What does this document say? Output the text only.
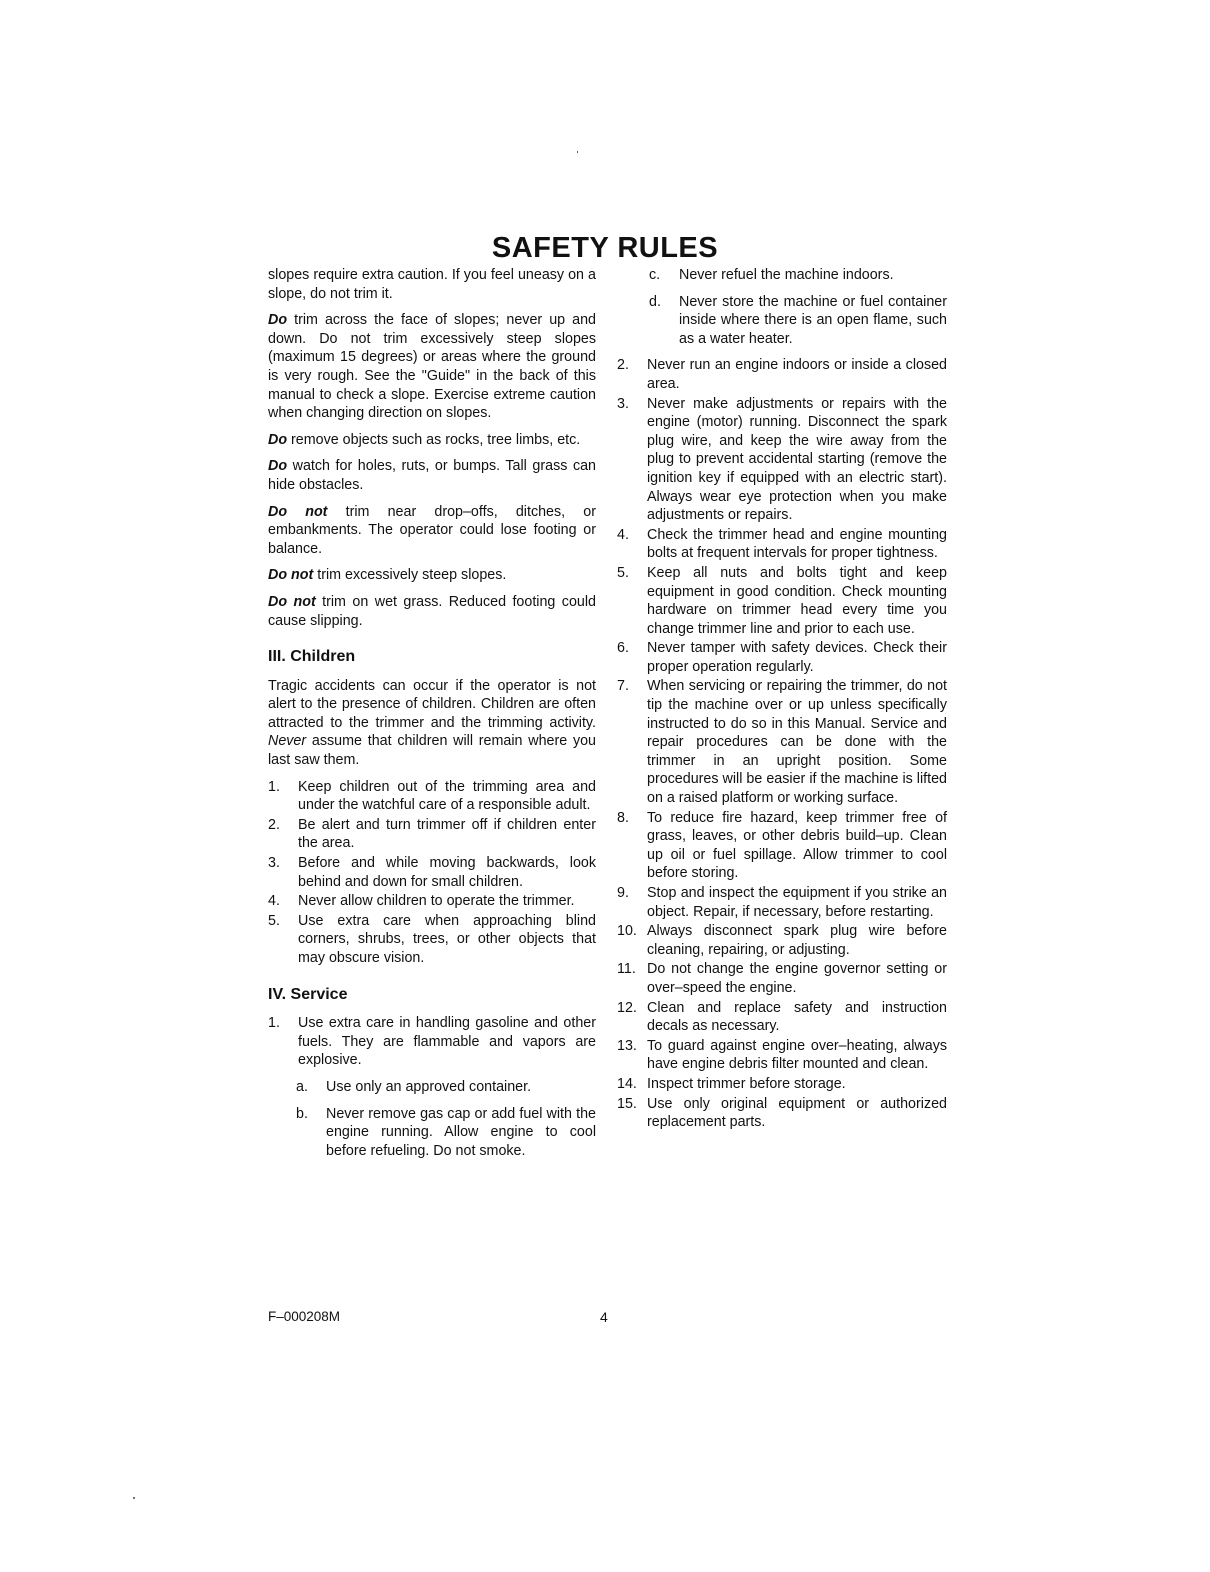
SAFETY RULES

slopes require extra caution. If you feel uneasy on a slope, do not trim it.

Do trim across the face of slopes; never up and down. Do not trim excessively steep slopes (maximum 15 degrees) or areas where the ground is very rough. See the "Guide" in the back of this manual to check a slope. Exercise extreme caution when changing direction on slopes.

Do remove objects such as rocks, tree limbs, etc.

Do watch for holes, ruts, or bumps. Tall grass can hide obstacles.

Do not trim near drop–offs, ditches, or embankments. The operator could lose footing or balance.

Do not trim excessively steep slopes.

Do not trim on wet grass. Reduced footing could cause slipping.

III. Children

Tragic accidents can occur if the operator is not alert to the presence of children. Children are often attracted to the trimmer and the trimming activity. Never assume that children will remain where you last saw them.

1.	Keep children out of the trimming area and under the watchful care of a responsible adult.
2.	Be alert and turn trimmer off if children enter the area.
3.	Before and while moving backwards, look behind and down for small children.
4.	Never allow children to operate the trimmer.
5.	Use extra care when approaching blind corners, shrubs, trees, or other objects that may obscure vision.
IV. Service
1.	Use extra care in handling gasoline and other fuels. They are flammable and vapors are explosive.
a.	Use only an approved container.
b.	Never remove gas cap or add fuel with the engine running. Allow engine to cool before refueling. Do not smoke.
c.	Never refuel the machine indoors.
d.	Never store the machine or fuel container inside where there is an open flame, such as a water heater.
2.	Never run an engine indoors or inside a closed area.
3.	Never make adjustments or repairs with the engine (motor) running. Disconnect the spark plug wire, and keep the wire away from the plug to prevent accidental starting (remove the ignition key if equipped with an electric start). Always wear eye protection when you make adjustments or repairs.
4.	Check the trimmer head and engine mounting bolts at frequent intervals for proper tightness.
5.	Keep all nuts and bolts tight and keep equipment in good condition. Check mounting hardware on trimmer head every time you change trimmer line and prior to each use.
6.	Never tamper with safety devices. Check their proper operation regularly.
7.	When servicing or repairing the trimmer, do not tip the machine over or up unless specifically instructed to do so in this Manual. Service and repair procedures can be done with the trimmer in an upright position. Some procedures will be easier if the machine is lifted on a raised platform or working surface.
8.	To reduce fire hazard, keep trimmer free of grass, leaves, or other debris build–up. Clean up oil or fuel spillage. Allow trimmer to cool before storing.
9.	Stop and inspect the equipment if you strike an object. Repair, if necessary, before restarting.
10. Always disconnect spark plug wire before cleaning, repairing, or adjusting.
11. Do not change the engine governor setting or over–speed the engine.
12. Clean and replace safety and instruction decals as necessary.
13. To guard against engine over–heating, always have engine debris filter mounted and clean.
14. Inspect trimmer before storage.
15. Use only original equipment or authorized replacement parts.
F–000208M	4
